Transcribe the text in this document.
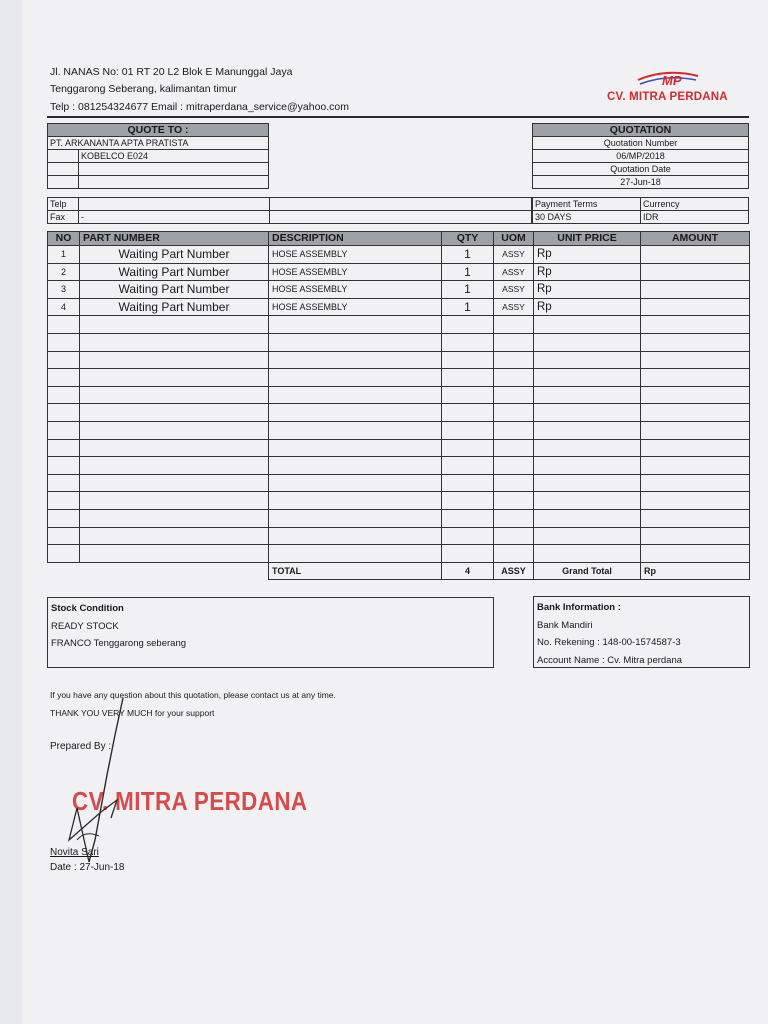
Jl. NANAS No: 01 RT 20 L2 Blok E Manunggal Jaya
Tenggarong Seberang, kalimantan timur
Telp : 081254324677 Email : mitraperdana_service@yahoo.com
MP
CV. MITRA PERDANA
QUOTE TO :	
PT. ARKANANTA APTA PRATISTA	
	KOBELCO E024

QUOTATION
Quotation Number
06/MP/2018
Quotation Date
27-Jun-18
Telp		
Fax	-	
Payment Terms	Currency
30 DAYS	IDR
NO	PART NUMBER	DESCRIPTION	QTY	UOM	UNIT PRICE	AMOUNT
1	Waiting Part Number	HOSE ASSEMBLY	1	ASSY	Rp	
2	Waiting Part Number	HOSE ASSEMBLY	1	ASSY	Rp	
3	Waiting Part Number	HOSE ASSEMBLY	1	ASSY	Rp	
4	Waiting Part Number	HOSE ASSEMBLY	1	ASSY	Rp	

		TOTAL	4	ASSY	Grand Total	Rp
Stock Condition
READY STOCK
FRANCO Tenggarong seberang
Bank Information :
Bank Mandiri
No. Rekening : 148-00-1574587-3
Account Name : Cv. Mitra perdana
If you have any question about this quotation, please contact us at any time.
THANK YOU VERY MUCH for your support
Prepared By :
CV. MITRA PERDANA
Novita Sari
Date : 27-Jun-18
